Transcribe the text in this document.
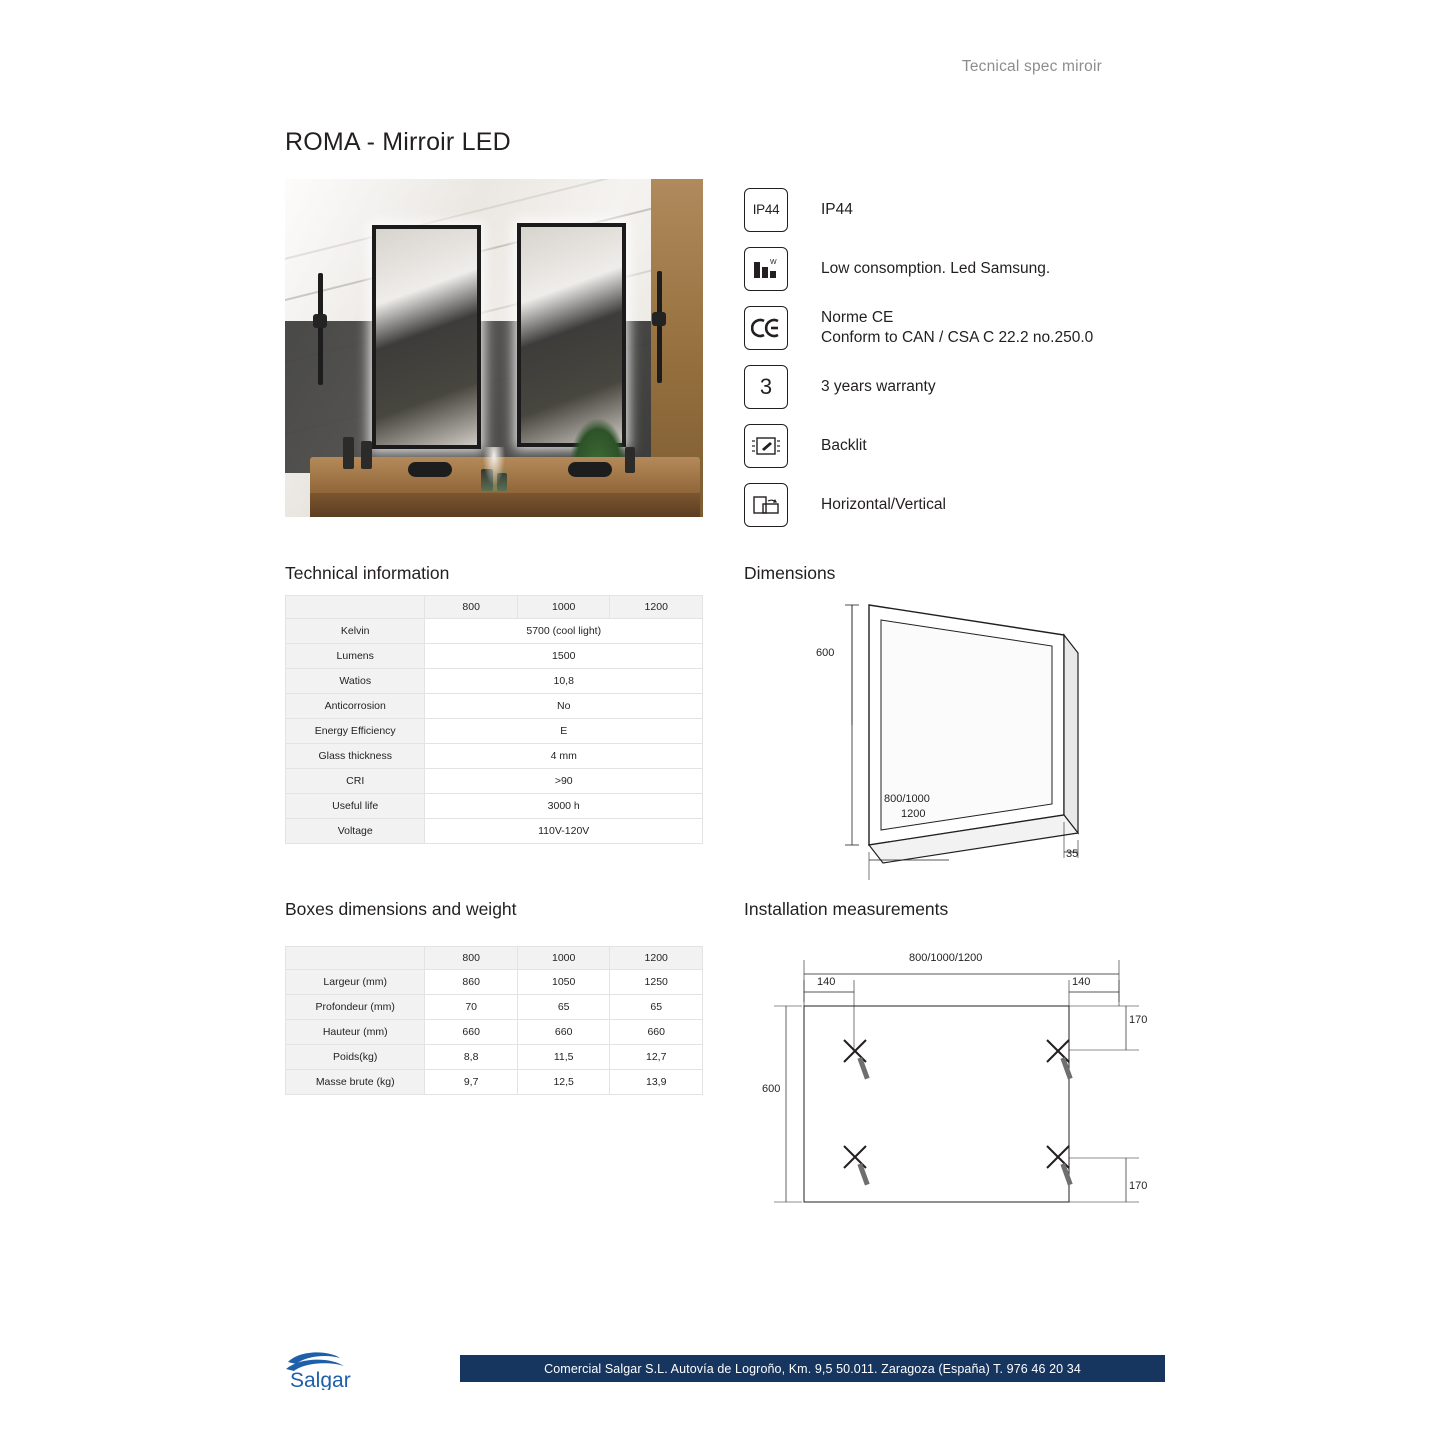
Tecnical spec miroir
ROMA - Mirroir LED
IP44	IP44
W	Low consomption. Led Samsung.
Norme CE
Conform to CAN / CSA C 22.2 no.250.0
3	3 years warranty
Backlit
Horizontal/Vertical
Technical information
	800	1000	1200
Kelvin	5700 (cool light)		
Lumens	1500		
Watios	10,8		
Anticorrosion	No		
Energy Efficiency	E		
Glass thickness	4 mm		
CRI	>90		
Useful life	3000 h		
Voltage	110V-120V		
Dimensions
600
800/1000
1200
35
Boxes dimensions and weight
	800	1000	1200
Largeur (mm)	860	1050	1250
Profondeur (mm)	70	65	65
Hauteur (mm)	660	660	660
Poids(kg)	8,8	11,5	12,7
Masse brute (kg)	9,7	12,5	13,9
Installation measurements
800/1000/1200
140	140
600
170
170
Salgar
Comercial Salgar S.L. Autovía de Logroño, Km. 9,5 50.011. Zaragoza (España) T. 976 46 20 34
